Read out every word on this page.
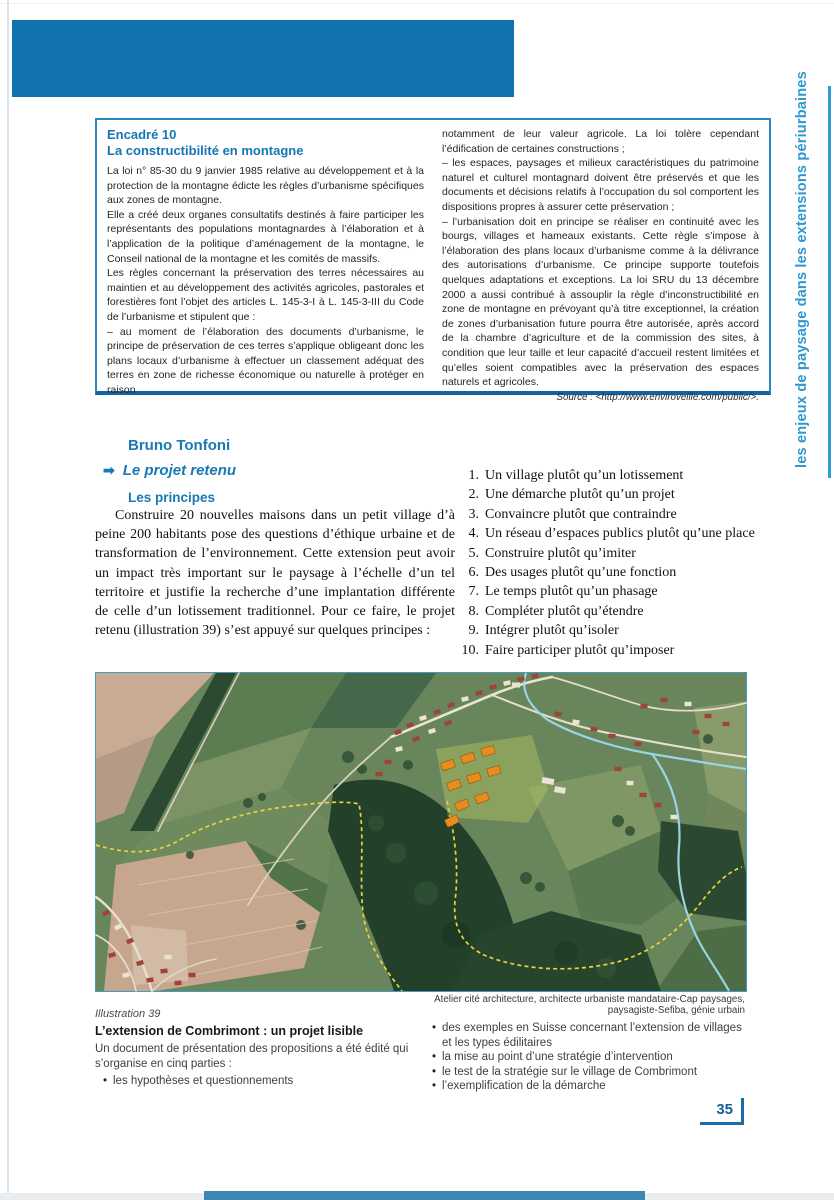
les enjeux de paysage dans les extensions périurbaines
Encadré 10
La constructibilité en montagne

La loi n° 85-30 du 9 janvier 1985 relative au développement et à la protection de la montagne édicte les règles d’urbanisme spécifiques aux zones de montagne.

Elle a créé deux organes consultatifs destinés à faire participer les représentants des populations montagnardes à l’élaboration et à l’application de la politique d’aménagement de la montagne, le Conseil national de la montagne et les comités de massifs.

Les règles concernant la préservation des terres nécessaires au maintien et au développement des activités agricoles, pastorales et forestières font l’objet des articles L. 145-3-I à L. 145-3-III du Code de l’urbanisme et stipulent que :

– au moment de l’élaboration des documents d’urbanisme, le principe de préservation de ces terres s’applique obligeant donc les plans locaux d’urbanisme à effectuer un classement adéquat des terres en zone de richesse économique ou naturelle à protéger en raison

notamment de leur valeur agricole. La loi tolère cependant l’édification de certaines constructions ;

– les espaces, paysages et milieux caractéristiques du patrimoine naturel et culturel montagnard doivent être préservés et que les documents et décisions relatifs à l’occupation du sol comportent les dispositions propres à assurer cette préservation ;

– l’urbanisation doit en principe se réaliser en continuité avec les bourgs, villages et hameaux existants. Cette règle s’impose à l’élaboration des plans locaux d’urbanisme comme à la délivrance des autorisations d’urbanisme. Ce principe supporte toutefois quelques adaptations et exceptions. La loi SRU du 13 décembre 2000 a aussi contribué à assouplir la règle d’inconstructibilité en zone de montagne en prévoyant qu’à titre exceptionnel, la création de zones d’urbanisation future pourra être autorisée, après accord de la chambre d’agriculture et de la commission des sites, à condition que leur taille et leur capacité d’accueil restent limitées et qu’elles soient compatibles avec la préservation des espaces naturels et agricoles.

Source : <http://www.enviroveille.com/public/>.
Bruno Tonfoni
➡ Le projet retenu
Les principes
Construire 20 nouvelles maisons dans un petit village d’à peine 200 habitants pose des questions d’éthique urbaine et de transformation de l’environnement. Cette extension peut avoir un impact très important sur le paysage à l’échelle d’un tel territoire et justifie la recherche d’une implantation différente de celle d’un lotissement traditionnel. Pour ce faire, le projet retenu (illustration 39) s’est appuyé sur quelques principes :
1. Un village plutôt qu’un lotissement
2. Une démarche plutôt qu’un projet
3. Convaincre plutôt que contraindre
4. Un réseau d’espaces publics plutôt qu’une place
5. Construire plutôt qu’imiter
6. Des usages plutôt qu’une fonction
7. Le temps plutôt qu’un phasage
8. Compléter plutôt qu’étendre
9. Intégrer plutôt qu’isoler
10. Faire participer plutôt qu’imposer
Atelier cité architecture, architecte urbaniste mandataire-Cap paysages, paysagiste-Sefiba, génie urbain
Illustration 39
L’extension de Combrimont : un projet lisible
Un document de présentation des propositions a été édité qui s’organise en cinq parties :
• les hypothèses et questionnements
• des exemples en Suisse concernant l’extension de villages et les types édilitaires
• la mise au point d’une stratégie d’intervention
• le test de la stratégie sur le village de Combrimont
• l’exemplification de la démarche
35
